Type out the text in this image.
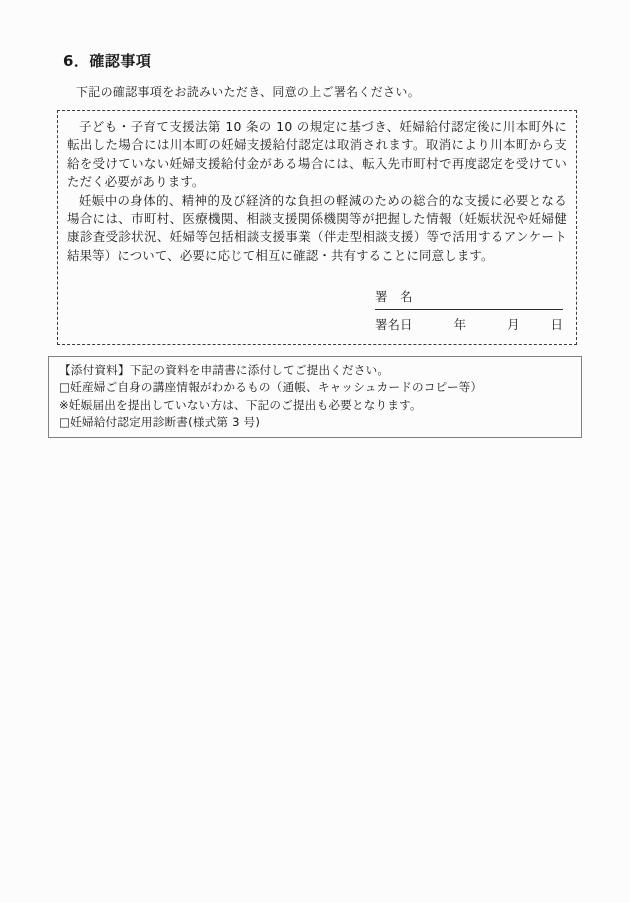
6．確認事項

下記の確認事項をお読みいただき、同意の上ご署名ください。

子ども・子育て支援法第 10 条の 10 の規定に基づき、妊婦給付認定後に川本町外に転出した場合には川本町の妊婦支援給付認定は取消されます。取消により川本町から支給を受けていない妊婦支援給付金がある場合には、転入先市町村で再度認定を受けていただく必要があります。

妊娠中の身体的、精神的及び経済的な負担の軽減のための総合的な支援に必要となる場合には、市町村、医療機関、相談支援関係機関等が把握した情報（妊娠状況や妊婦健康診査受診状況、妊婦等包括相談支援事業（伴走型相談支援）等で活用するアンケート結果等）について、必要に応じて相互に確認・共有することに同意します。

署　名
署名日	年	月 日

【添付資料】下記の資料を申請書に添付してご提出ください。

□妊産婦ご自身の講座情報がわかるもの（通帳、キャッシュカードのコピー等）

※妊娠届出を提出していない方は、下記のご提出も必要となります。

□妊婦給付認定用診断書(様式第 3 号)
